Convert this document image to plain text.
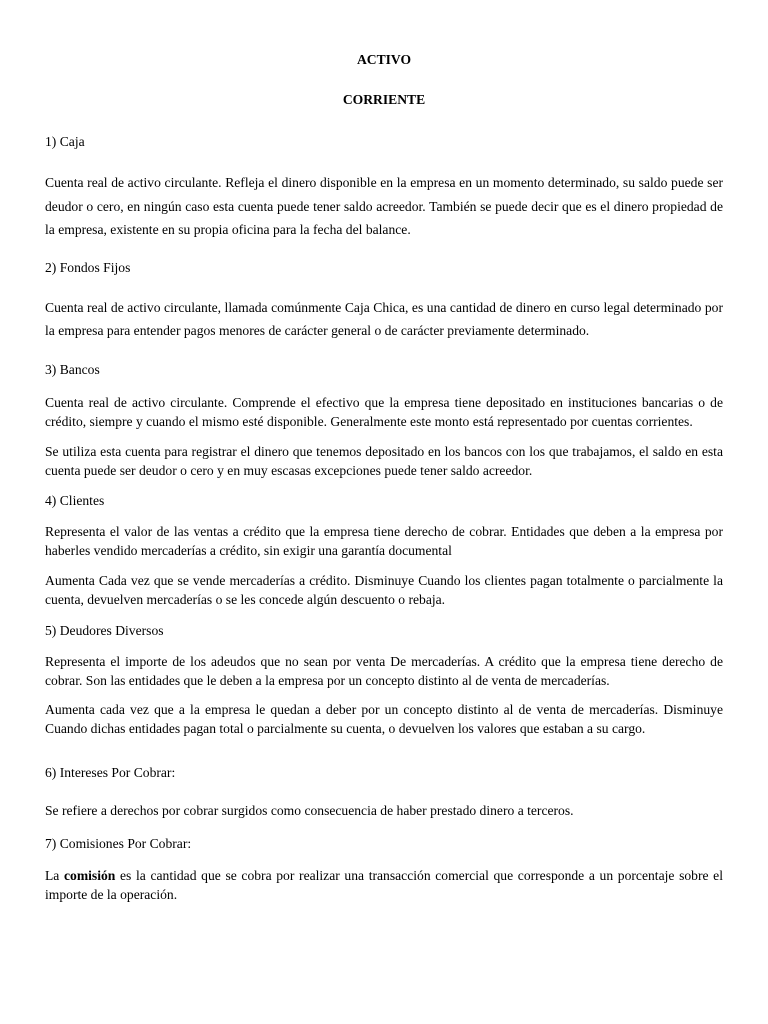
ACTIVO

CORRIENTE

1) Caja

Cuenta real de activo circulante. Refleja el dinero disponible en la empresa en un momento determinado, su saldo puede ser deudor o cero, en ningún caso esta cuenta puede tener saldo acreedor. También se puede decir que es el dinero propiedad de la empresa, existente en su propia oficina para la fecha del balance.

2) Fondos Fijos

Cuenta real de activo circulante, llamada comúnmente Caja Chica, es una cantidad de dinero en curso legal determinado por la empresa para entender pagos menores de carácter general o de carácter previamente determinado.

3) Bancos

Cuenta real de activo circulante. Comprende el efectivo que la empresa tiene depositado en instituciones bancarias o de crédito, siempre y cuando el mismo esté disponible. Generalmente este monto está representado por cuentas corrientes.

Se utiliza esta cuenta para registrar el dinero que tenemos depositado en los bancos con los que trabajamos, el saldo en esta cuenta puede ser deudor o cero y en muy escasas excepciones puede tener saldo acreedor.

4) Clientes

Representa el valor de las ventas a crédito que la empresa tiene derecho de cobrar. Entidades que deben a la empresa por haberles vendido mercaderías a crédito, sin exigir una garantía documental

Aumenta Cada vez que se vende mercaderías a crédito. Disminuye Cuando los clientes pagan totalmente o parcialmente la cuenta, devuelven mercaderías o se les concede algún descuento o rebaja.

5) Deudores Diversos

Representa el importe de los adeudos que no sean por venta De mercaderías. A crédito que la empresa tiene derecho de cobrar. Son las entidades que le deben a la empresa por un concepto distinto al de venta de mercaderías.

Aumenta cada vez que a la empresa le quedan a deber por un concepto distinto al de venta de mercaderías. Disminuye Cuando dichas entidades pagan total o parcialmente su cuenta, o devuelven los valores que estaban a su cargo.

6) Intereses Por Cobrar:

Se refiere a derechos por cobrar surgidos como consecuencia de haber prestado dinero a terceros.

7) Comisiones Por Cobrar:

La comisión es la cantidad que se cobra por realizar una transacción comercial que corresponde a un porcentaje sobre el importe de la operación.
